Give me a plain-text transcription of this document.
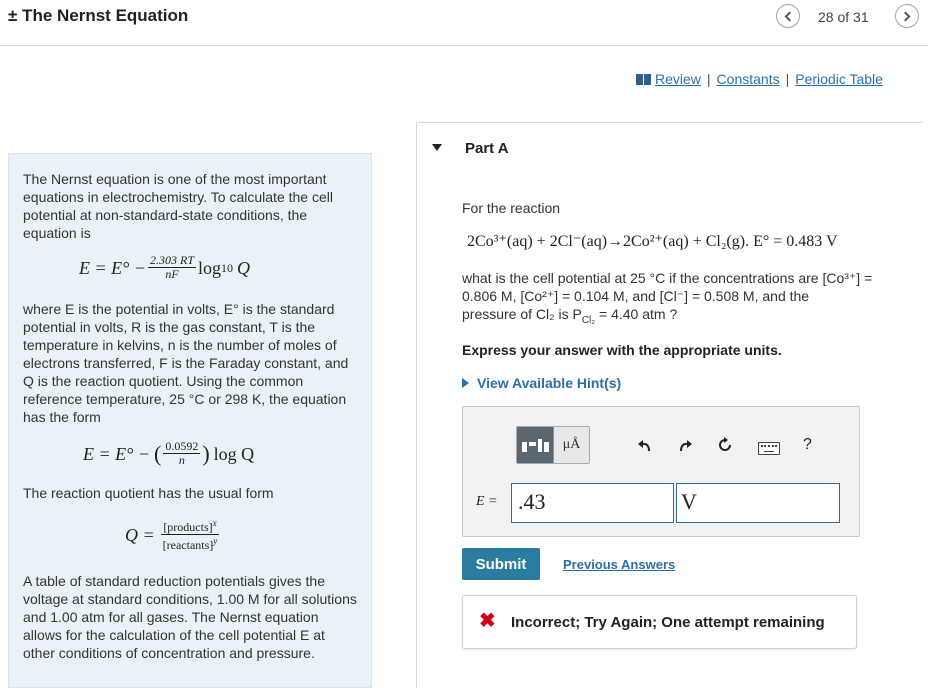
± The Nernst Equation	28 of 31
Review | Constants | Periodic Table

The Nernst equation is one of the most important equations in electrochemistry. To calculate the cell potential at non-standard-state conditions, the equation is

$E = E^\circ - \frac{2.303 RT}{nF}$ log 10 Q

where E is the potential in volts, E° is the standard potential in volts, R is the gas constant, T is the temperature in kelvins, n is the number of moles of electrons transferred, F is the Faraday constant, and Q is the reaction quotient. Using the common reference temperature, 25 °C or 298 K, the equation has the form

E = E° − ( $\frac{0.0592}{n}$ ) log Q

The reaction quotient has the usual form

$Q = \frac{[products]^x}{[reactants]^y}$

A table of standard reduction potentials gives the voltage at standard conditions, 1.00 M for all solutions and 1.00 atm for all gases. The Nernst equation allows for the calculation of the cell potential E at other conditions of concentration and pressure.

Part A
For the reaction
2Co³⁺(aq) + 2Cl⁻(aq)→2Co²⁺(aq) + Cl₂(g). E° = 0.483 V
what is the cell potential at 25 °C if the concentrations are [Co³⁺] =
0.806 M, [Co²⁺] = 0.104 M, and [Cl⁻] = 0.508 M, and the
pressure of Cl₂ is $P_{Cl_2} = 4.40$ atm ?
Express your answer with the appropriate units.
View Available Hint(s)
μÅ	?
E = .43	V
Submit	Previous Answers
✖ Incorrect; Try Again; One attempt remaining
